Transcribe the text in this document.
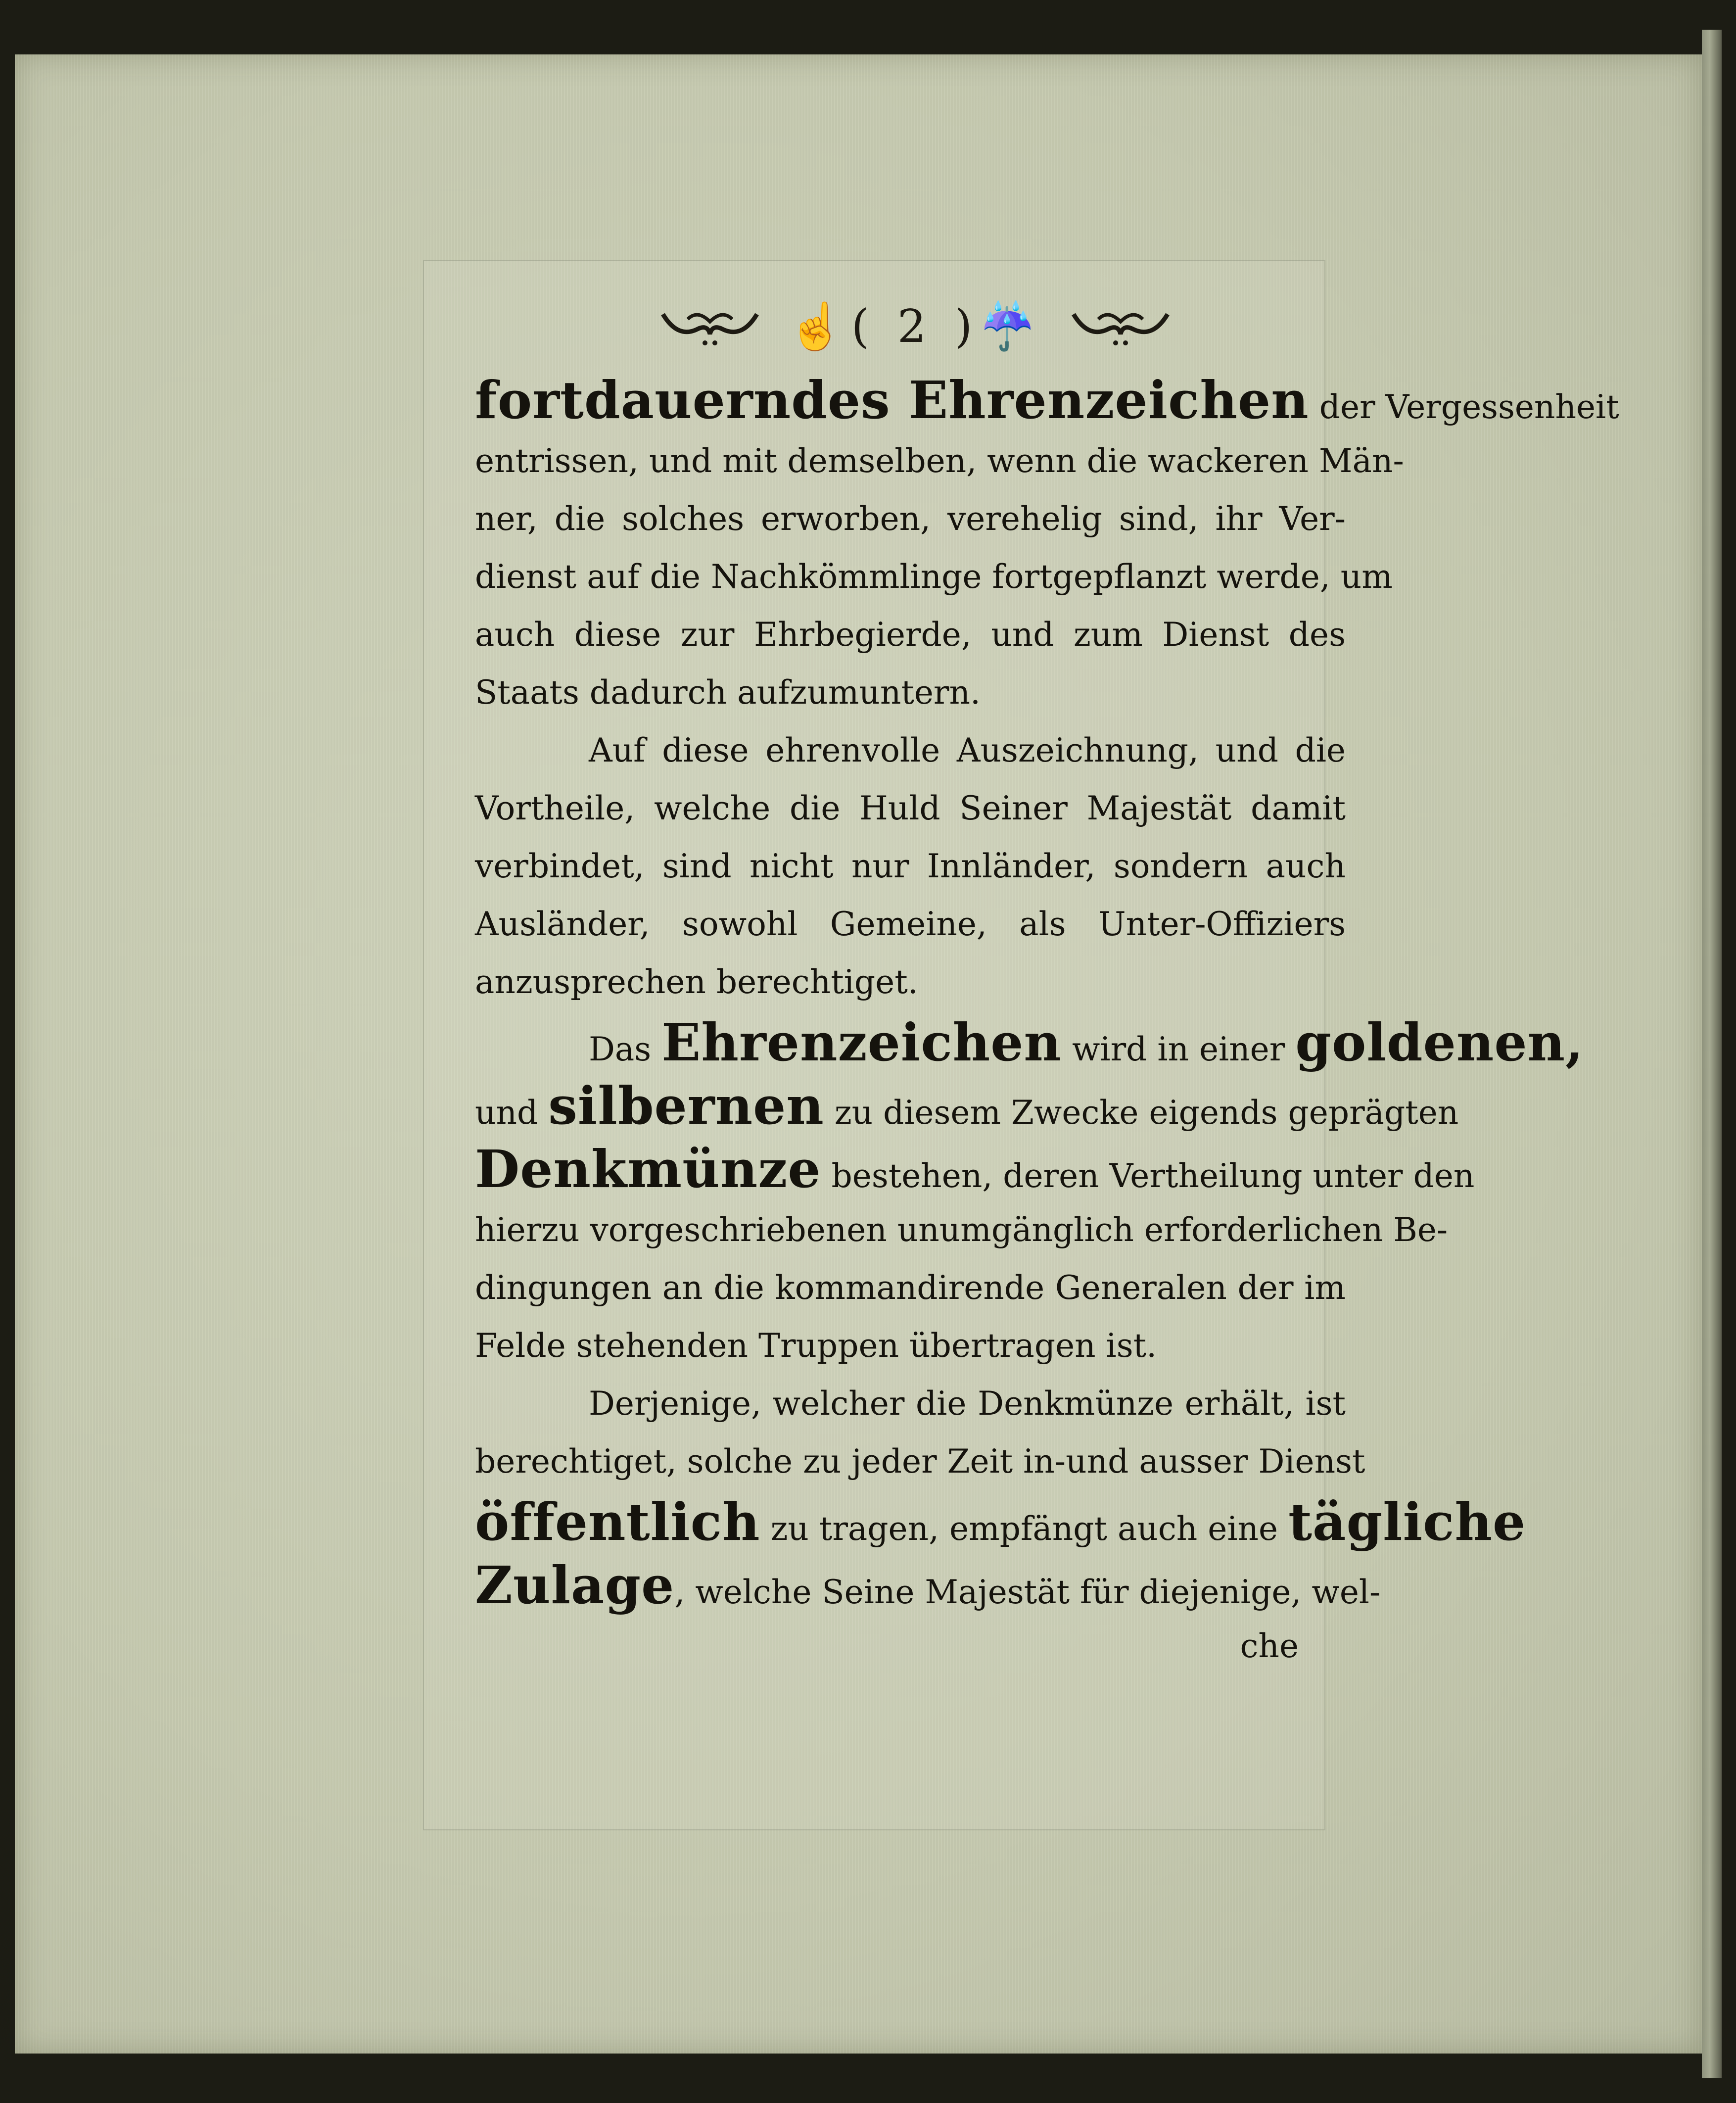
☝( 2 )☔
fortdauerndes Ehrenzeichen der Vergessenheit
entrissen, und mit demselben, wenn die wackeren Män-
ner, die solches erworben, verehelig sind, ihr Ver-
dienst auf die Nachkömmlinge fortgepflanzt werde, um
auch diese zur Ehrbegierde, und zum Dienst des
Staats dadurch aufzumuntern.
Auf diese ehrenvolle Auszeichnung, und die
Vortheile, welche die Huld Seiner Majestät damit
verbindet, sind nicht nur Innländer, sondern auch
Ausländer, sowohl Gemeine, als Unter-Offiziers
anzusprechen berechtiget.
Das Ehrenzeichen wird in einer goldenen,
und silbernen zu diesem Zwecke eigends geprägten
Denkmünze bestehen, deren Vertheilung unter den
hierzu vorgeschriebenen unumgänglich erforderlichen Be-
dingungen an die kommandirende Generalen der im
Felde stehenden Truppen übertragen ist.
Derjenige, welcher die Denkmünze erhält, ist
berechtiget, solche zu jeder Zeit in-und ausser Dienst
öffentlich zu tragen, empfängt auch eine tägliche
Zulage, welche Seine Majestät für diejenige, wel-
che
